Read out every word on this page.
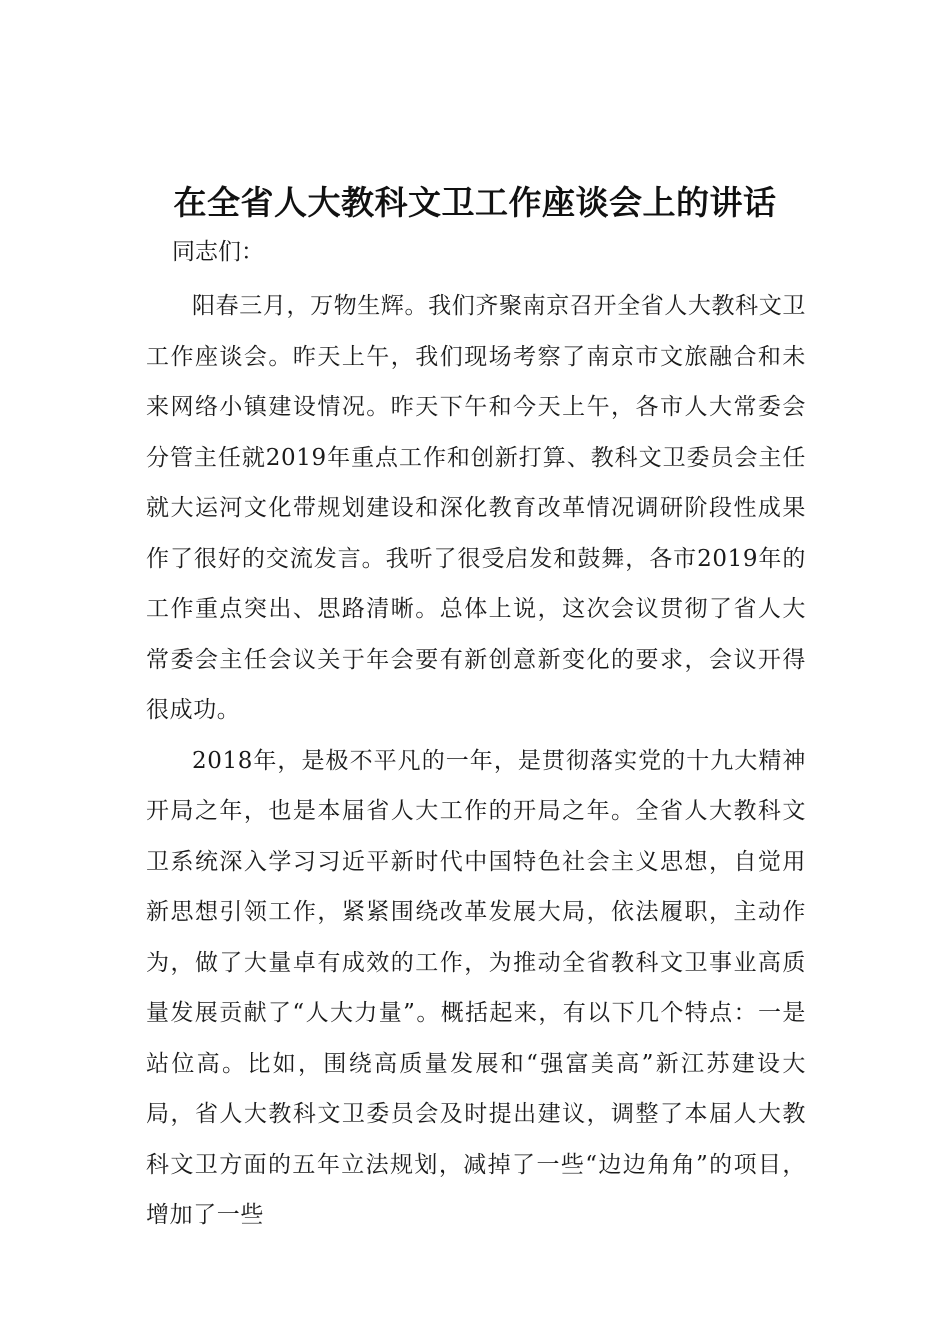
在全省人大教科文卫工作座谈会上的讲话
同志们：

阳春三月，万物生辉。我们齐聚南京召开全省人大教科文卫工作座谈会。昨天上午，我们现场考察了南京市文旅融合和未来网络小镇建设情况。昨天下午和今天上午，各市人大常委会分管主任就2019年重点工作和创新打算、教科文卫委员会主任就大运河文化带规划建设和深化教育改革情况调研阶段性成果作了很好的交流发言。我听了很受启发和鼓舞，各市2019年的工作重点突出、思路清晰。总体上说，这次会议贯彻了省人大常委会主任会议关于年会要有新创意新变化的要求，会议开得很成功。

2018年，是极不平凡的一年，是贯彻落实党的十九大精神开局之年，也是本届省人大工作的开局之年。全省人大教科文卫系统深入学习习近平新时代中国特色社会主义思想，自觉用新思想引领工作，紧紧围绕改革发展大局，依法履职，主动作为，做了大量卓有成效的工作，为推动全省教科文卫事业高质量发展贡献了“人大力量”。概括起来，有以下几个特点：一是站位高。比如，围绕高质量发展和“强富美高”新江苏建设大局，省人大教科文卫委员会及时提出建议，调整了本届人大教科文卫方面的五年立法规划，减掉了一些“边边角角”的项目，增加了一些
